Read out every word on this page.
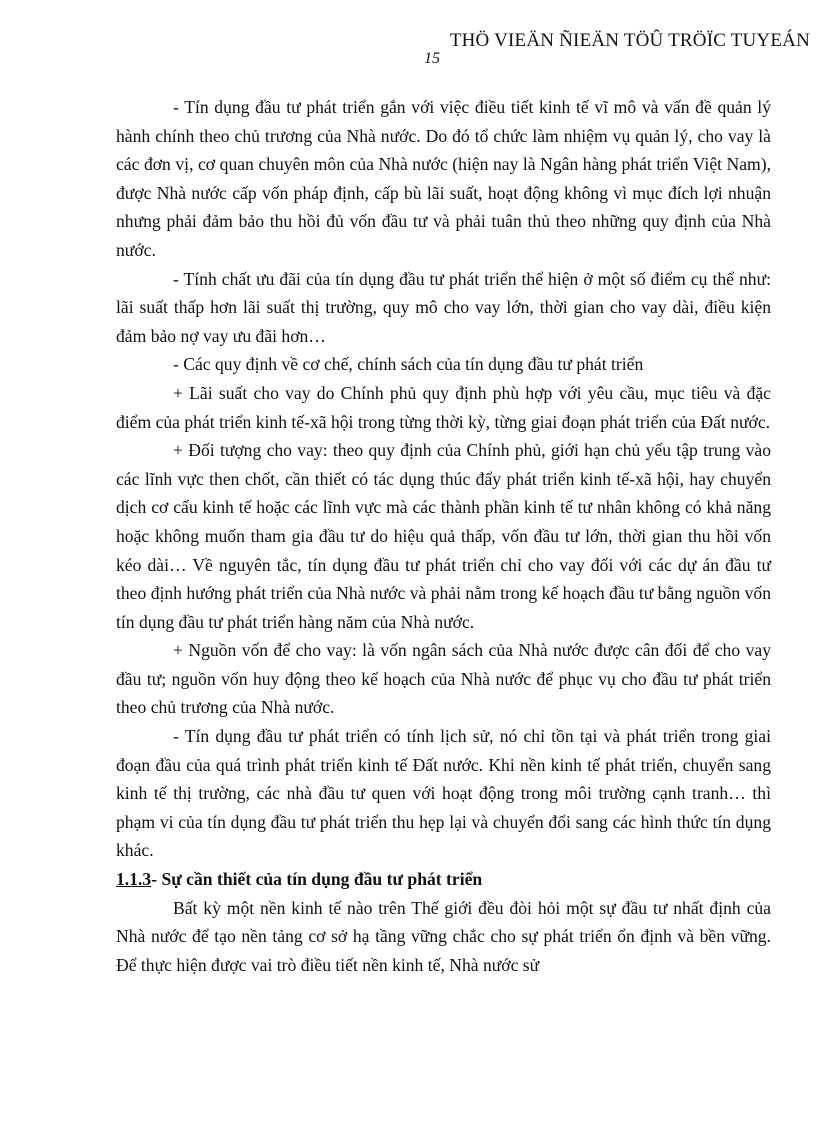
THÖ VIEÄN ÑIEÄN TÖÛ TRÖÏC TUYEÁN
15

- Tín dụng đầu tư phát triển gắn với việc điều tiết kinh tế vĩ mô và vấn đề quản lý hành chính theo chủ trương của Nhà nước. Do đó tổ chức làm nhiệm vụ quản lý, cho vay là các đơn vị, cơ quan chuyên môn của Nhà nước (hiện nay là Ngân hàng phát triển Việt Nam), được Nhà nước cấp vốn pháp định, cấp bù lãi suất, hoạt động không vì mục đích lợi nhuận nhưng phải đảm bảo thu hồi đủ vốn đầu tư và phải tuân thủ theo những quy định của Nhà nước.

- Tính chất ưu đãi của tín dụng đầu tư phát triển thể hiện ở một số điểm cụ thể như: lãi suất thấp hơn lãi suất thị trường, quy mô cho vay lớn, thời gian cho vay dài, điều kiện đảm bảo nợ vay ưu đãi hơn…

- Các quy định về cơ chế, chính sách của tín dụng đầu tư phát triển

+ Lãi suất cho vay do Chính phủ quy định phù hợp với yêu cầu, mục tiêu và đặc điểm của phát triển kinh tế-xã hội trong từng thời kỳ, từng giai đoạn phát triển của Đất nước.

+ Đối tượng cho vay: theo quy định của Chính phủ, giới hạn chủ yếu tập trung vào các lĩnh vực then chốt, cần thiết có tác dụng thúc đẩy phát triển kinh tế-xã hội, hay chuyển dịch cơ cấu kinh tế hoặc các lĩnh vực mà các thành phần kinh tế tư nhân không có khả năng hoặc không muốn tham gia đầu tư do hiệu quả thấp, vốn đầu tư lớn, thời gian thu hồi vốn kéo dài… Về nguyên tắc, tín dụng đầu tư phát triển chỉ cho vay đối với các dự án đầu tư theo định hướng phát triển của Nhà nước và phải nằm trong kế hoạch đầu tư bằng nguồn vốn tín dụng đầu tư phát triển hàng năm của Nhà nước.

+ Nguồn vốn để cho vay: là vốn ngân sách của Nhà nước được cân đối để cho vay đầu tư; nguồn vốn huy động theo kế hoạch của Nhà nước để phục vụ cho đầu tư phát triển theo chủ trương của Nhà nước.

- Tín dụng đầu tư phát triển có tính lịch sử, nó chỉ tồn tại và phát triển trong giai đoạn đầu của quá trình phát triển kinh tế Đất nước. Khi nền kinh tế phát triển, chuyển sang kinh tế thị trường, các nhà đầu tư quen với hoạt động trong môi trường cạnh tranh… thì phạm vi của tín dụng đầu tư phát triển thu hẹp lại và chuyển đổi sang các hình thức tín dụng khác.

1.1.3- Sự cần thiết của tín dụng đầu tư phát triển

Bất kỳ một nền kinh tế nào trên Thế giới đều đòi hỏi một sự đầu tư nhất định của Nhà nước để tạo nền tảng cơ sở hạ tầng vững chắc cho sự phát triển ổn định và bền vững. Để thực hiện được vai trò điều tiết nền kinh tế, Nhà nước sử
